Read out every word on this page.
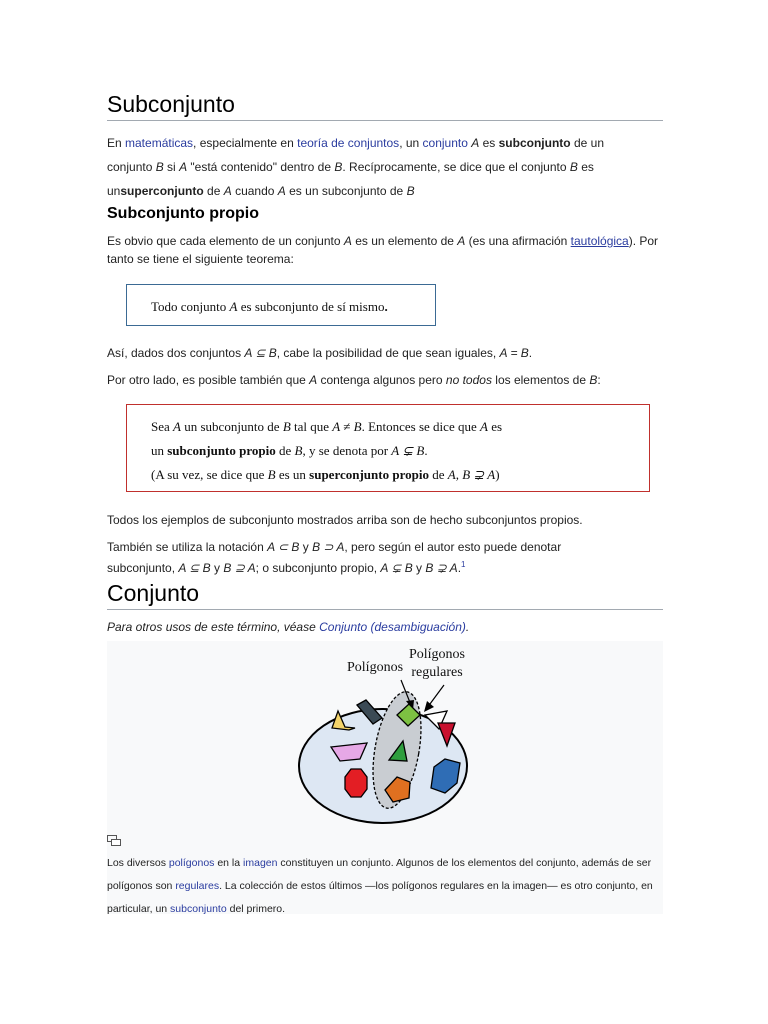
Subconjunto
En matemáticas, especialmente en teoría de conjuntos, un conjunto A es subconjunto de un conjunto B si A "está contenido" dentro de B. Recíprocamente, se dice que el conjunto B es unsuperconjunto de A cuando A es un subconjunto de B
Subconjunto propio
Es obvio que cada elemento de un conjunto A es un elemento de A (es una afirmación tautológica). Por tanto se tiene el siguiente teorema:
Todo conjunto A es subconjunto de sí mismo.
Así, dados dos conjuntos A ⊆ B, cabe la posibilidad de que sean iguales, A = B.
Por otro lado, es posible también que A contenga algunos pero no todos los elementos de B:
Sea A un subconjunto de B tal que A ≠ B. Entonces se dice que A es
un subconjunto propio de B, y se denota por A ⊊ B.
(A su vez, se dice que B es un superconjunto propio de A, B ⊋ A)
Todos los ejemplos de subconjunto mostrados arriba son de hecho subconjuntos propios.
También se utiliza la notación A ⊂ B y B ⊃ A, pero según el autor esto puede denotar subconjunto, A ⊆ B y B ⊇ A; o subconjunto propio, A ⊊ B y B ⊋ A.$^1$
Conjunto
Para otros usos de este término, véase Conjunto (desambiguación).
Polígonos
Polígonos
regulares
Los diversos polígonos en la imagen constituyen un conjunto. Algunos de los elementos del conjunto, además de ser polígonos son regulares. La colección de estos últimos —los polígonos regulares en la imagen— es otro conjunto, en particular, un subconjunto del primero.
